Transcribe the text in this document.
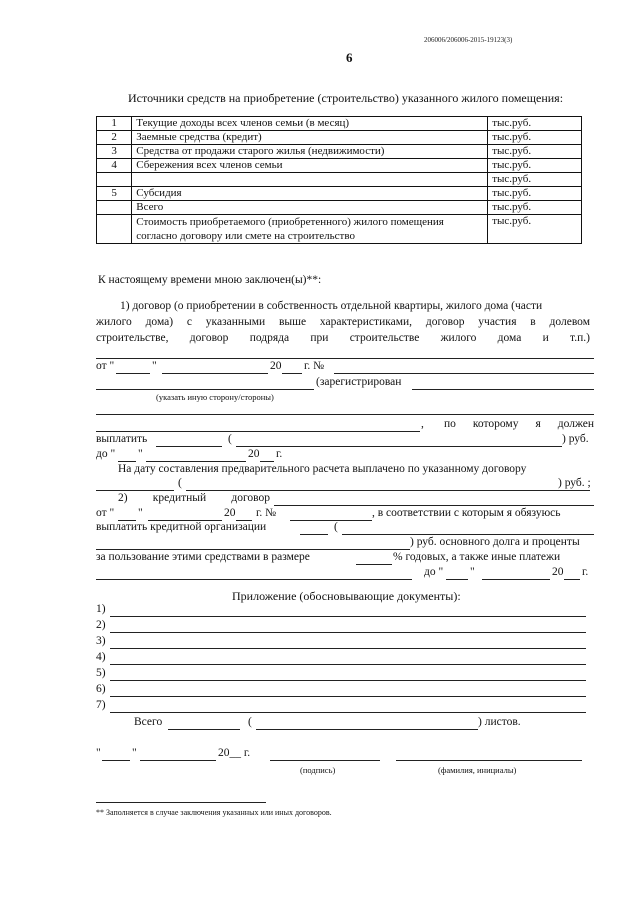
206006/206006-2015-19123(3)
6
Источники средств на приобретение (строительство) указанного жилого помещения:
1	Текущие доходы всех членов семьи (в месяц)	тыс.руб.
2	Заемные средства (кредит)	тыс.руб.
3	Средства от продажи старого жилья (недвижимости)	тыс.руб.
4	Сбережения всех членов семьи	тыс.руб.
		тыс.руб.
5	Субсидия	тыс.руб.
	Всего	тыс.руб.
	Стоимость приобретаемого (приобретенного) жилого помещения согласно договору или смете на строительство	тыс.руб.
К настоящему времени мною заключен(ы)**:
1) договор (о приобретении в собственность отдельной квартиры, жилого дома (части
жилого дома) с указанными выше характеристиками, договор участия в долевом
строительстве, договор подряда при строительстве жилого дома и т.п.)
от "	"	20 г. №
(зарегистрирован
(указать иную сторону/стороны)
, по которому я должен
выплатить	(	) руб.
до " "	20 г.
На дату составления предварительного расчета выплачено по указанному договору
(	) руб. ;
2) кредитный договор
от " "	20 г. №	, в соответствии с которым я обязуюсь
выплатить кредитной организации	(
) руб. основного долга и проценты
за пользование этими средствами в размере	% годовых, а также иные платежи
до " "	20 г.
Приложение (обосновывающие документы):
1)
2)
3)
4)
5)
6)
7)
Всего	(	) листов.
"	"	20__ г.
(подпись)	(фамилия, инициалы)
** Заполняется в случае заключения указанных или иных договоров.
